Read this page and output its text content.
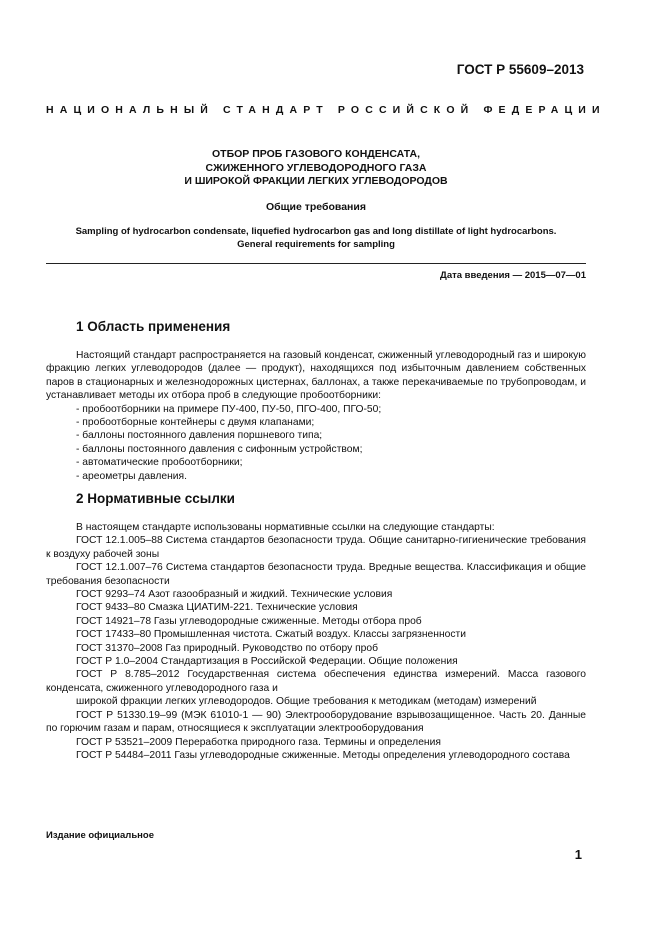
ГОСТ Р 55609–2013
НАЦИОНАЛЬНЫЙ СТАНДАРТ РОССИЙСКОЙ ФЕДЕРАЦИИ
ОТБОР ПРОБ ГАЗОВОГО КОНДЕНСАТА,
СЖИЖЕННОГО УГЛЕВОДОРОДНОГО ГАЗА
И ШИРОКОЙ ФРАКЦИИ ЛЕГКИХ УГЛЕВОДОРОДОВ
Общие требования
Sampling of hydrocarbon condensate, liquefied hydrocarbon gas and long distillate of light hydrocarbons.
General requirements for sampling
Дата введения — 2015—07—01
1 Область применения

Настоящий стандарт распространяется на газовый конденсат, сжиженный углеводородный газ и широкую фракцию легких углеводородов (далее — продукт), находящихся под избыточным давлением собственных паров в стационарных и железнодорожных цистернах, баллонах, а также перекачиваемые по трубопроводам, и устанавливает методы их отбора проб в следующие пробоотборники:

- пробоотборники на примере ПУ-400, ПУ-50, ПГО-400, ПГО-50;

- пробоотборные контейнеры с двумя клапанами;

- баллоны постоянного давления поршневого типа;

- баллоны постоянного давления с сифонным устройством;

- автоматические пробоотборники;

- ареометры давления.

2 Нормативные ссылки

В настоящем стандарте использованы нормативные ссылки на следующие стандарты:

ГОСТ 12.1.005–88 Система стандартов безопасности труда. Общие санитарно-гигиенические требования к воздуху рабочей зоны

ГОСТ 12.1.007–76 Система стандартов безопасности труда. Вредные вещества. Классификация и общие требования безопасности

ГОСТ 9293–74 Азот газообразный и жидкий. Технические условия

ГОСТ 9433–80 Смазка ЦИАТИМ-221. Технические условия

ГОСТ 14921–78 Газы углеводородные сжиженные. Методы отбора проб

ГОСТ 17433–80 Промышленная чистота. Сжатый воздух. Классы загрязненности

ГОСТ 31370–2008 Газ природный. Руководство по отбору проб

ГОСТ Р 1.0–2004 Стандартизация в Российской Федерации. Общие положения

ГОСТ Р 8.785–2012 Государственная система обеспечения единства измерений. Масса газового конденсата, сжиженного углеводородного газа и

широкой фракции легких углеводородов. Общие требования к методикам (методам) измерений

ГОСТ Р 51330.19–99 (МЭК 61010-1 — 90) Электрооборудование взрывозащищенное. Часть 20. Данные по горючим газам и парам, относящиеся к эксплуатации электрооборудования

ГОСТ Р 53521–2009 Переработка природного газа. Термины и определения

ГОСТ Р 54484–2011 Газы углеводородные сжиженные. Методы определения углеводородного состава

Издание официальное
1
